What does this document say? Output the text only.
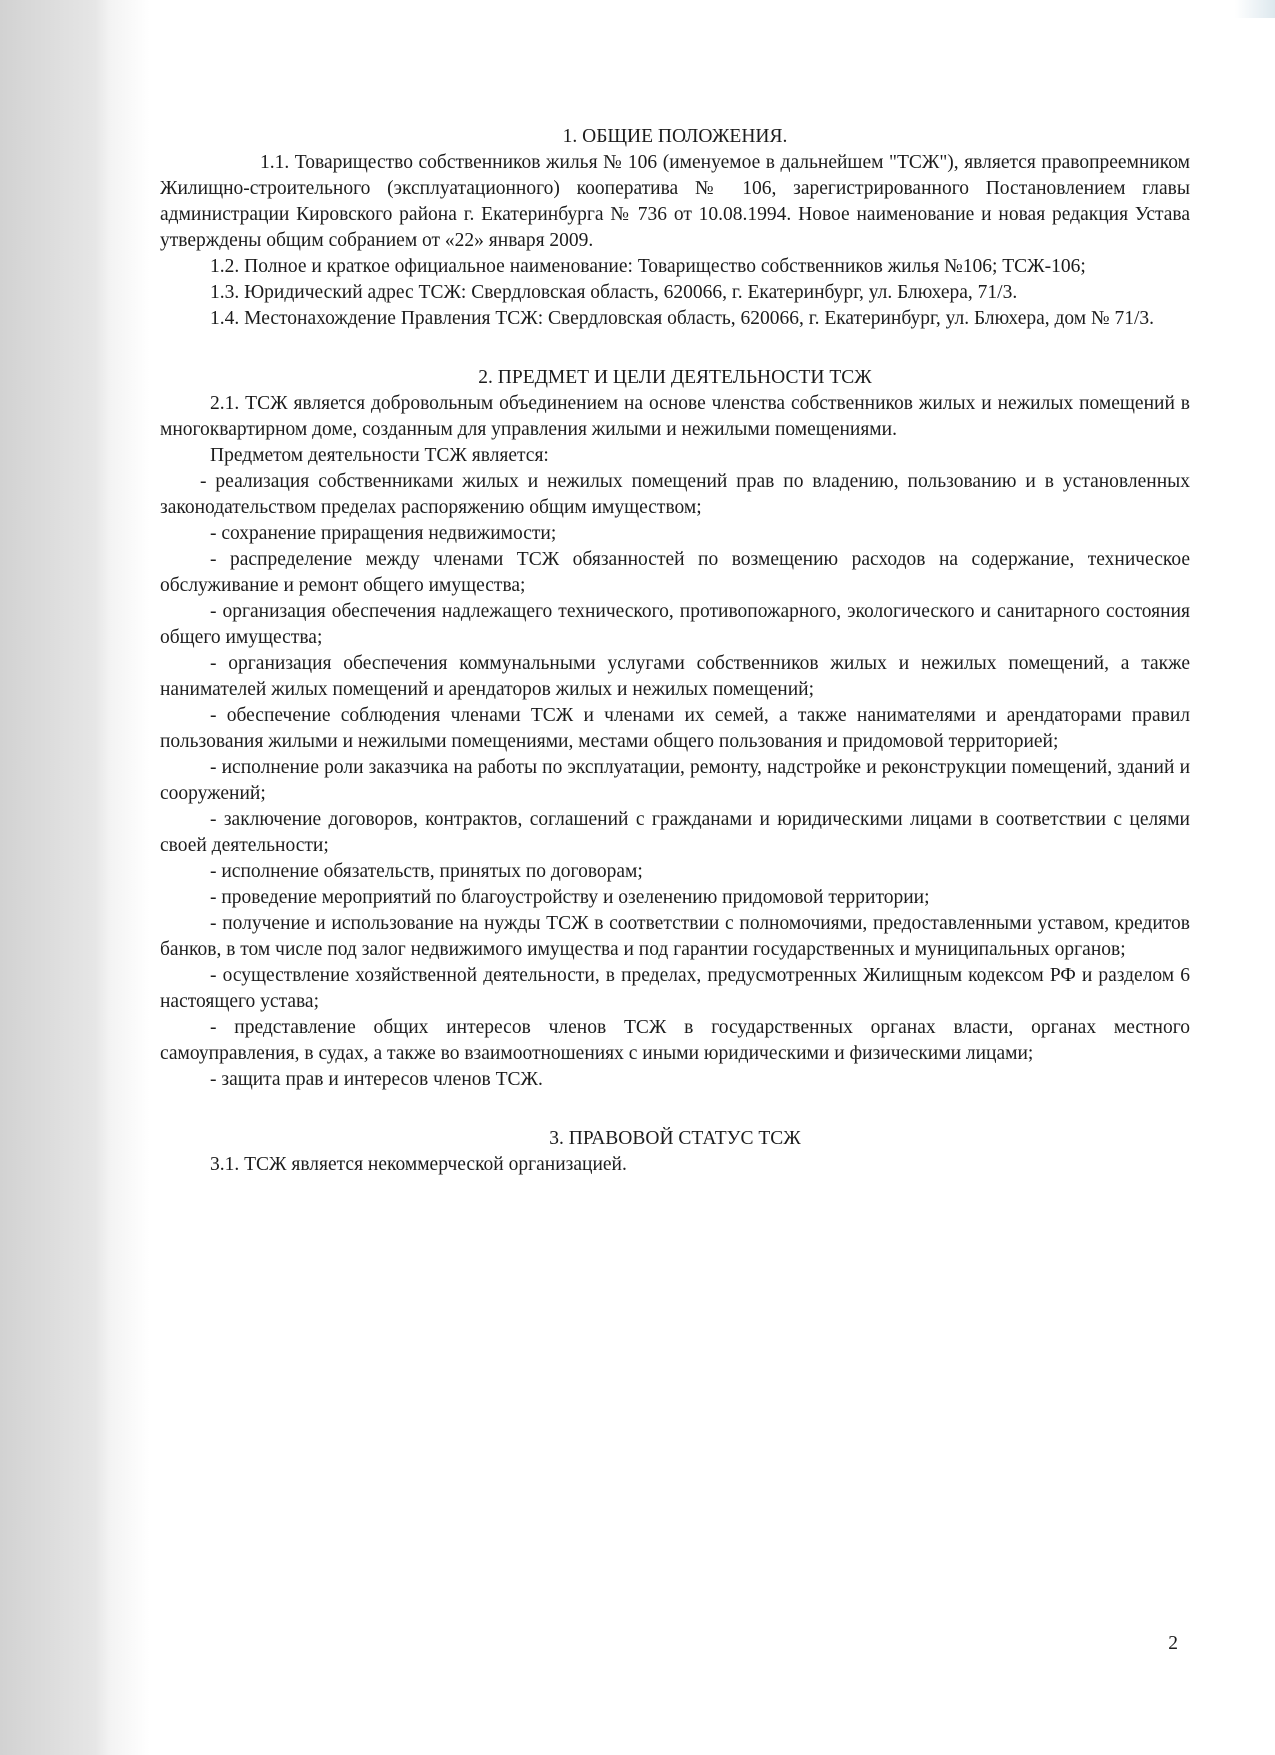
1. ОБЩИЕ ПОЛОЖЕНИЯ.

1.1. Товарищество собственников жилья № 106 (именуемое в дальнейшем "ТСЖ"), является правопреемником Жилищно-строительного (эксплуатационного) кооператива № 106, зарегистрированного Постановлением главы администрации Кировского района г. Екатеринбурга № 736 от 10.08.1994. Новое наименование и новая редакция Устава утверждены общим собранием от «22» января 2009.

1.2. Полное и краткое официальное наименование: Товарищество собственников жилья №106; ТСЖ-106;

1.3. Юридический адрес ТСЖ: Свердловская область, 620066, г. Екатеринбург, ул. Блюхера, 71/3.

1.4. Местонахождение Правления ТСЖ: Свердловская область, 620066, г. Екатеринбург, ул. Блюхера, дом № 71/3.

2. ПРЕДМЕТ И ЦЕЛИ ДЕЯТЕЛЬНОСТИ ТСЖ

2.1. ТСЖ является добровольным объединением на основе членства собственников жилых и нежилых помещений в многоквартирном доме, созданным для управления жилыми и нежилыми помещениями.

Предметом деятельности ТСЖ является:

- реализация собственниками жилых и нежилых помещений прав по владению, пользованию и в установленных законодательством пределах распоряжению общим имуществом;

- сохранение приращения недвижимости;

- распределение между членами ТСЖ обязанностей по возмещению расходов на содержание, техническое обслуживание и ремонт общего имущества;

- организация обеспечения надлежащего технического, противопожарного, экологического и санитарного состояния общего имущества;

- организация обеспечения коммунальными услугами собственников жилых и нежилых помещений, а также нанимателей жилых помещений и арендаторов жилых и нежилых помещений;

- обеспечение соблюдения членами ТСЖ и членами их семей, а также нанимателями и арендаторами правил пользования жилыми и нежилыми помещениями, местами общего пользования и придомовой территорией;

- исполнение роли заказчика на работы по эксплуатации, ремонту, надстройке и реконструкции помещений, зданий и сооружений;

- заключение договоров, контрактов, соглашений с гражданами и юридическими лицами в соответствии с целями своей деятельности;

- исполнение обязательств, принятых по договорам;

- проведение мероприятий по благоустройству и озеленению придомовой территории;

- получение и использование на нужды ТСЖ в соответствии с полномочиями, предоставленными уставом, кредитов банков, в том числе под залог недвижимого имущества и под гарантии государственных и муниципальных органов;

- осуществление хозяйственной деятельности, в пределах, предусмотренных Жилищным кодексом РФ и разделом 6 настоящего устава;

- представление общих интересов членов ТСЖ в государственных органах власти, органах местного самоуправления, в судах, а также во взаимоотношениях с иными юридическими и физическими лицами;

- защита прав и интересов членов ТСЖ.

3. ПРАВОВОЙ СТАТУС ТСЖ

3.1. ТСЖ является некоммерческой организацией.

2
